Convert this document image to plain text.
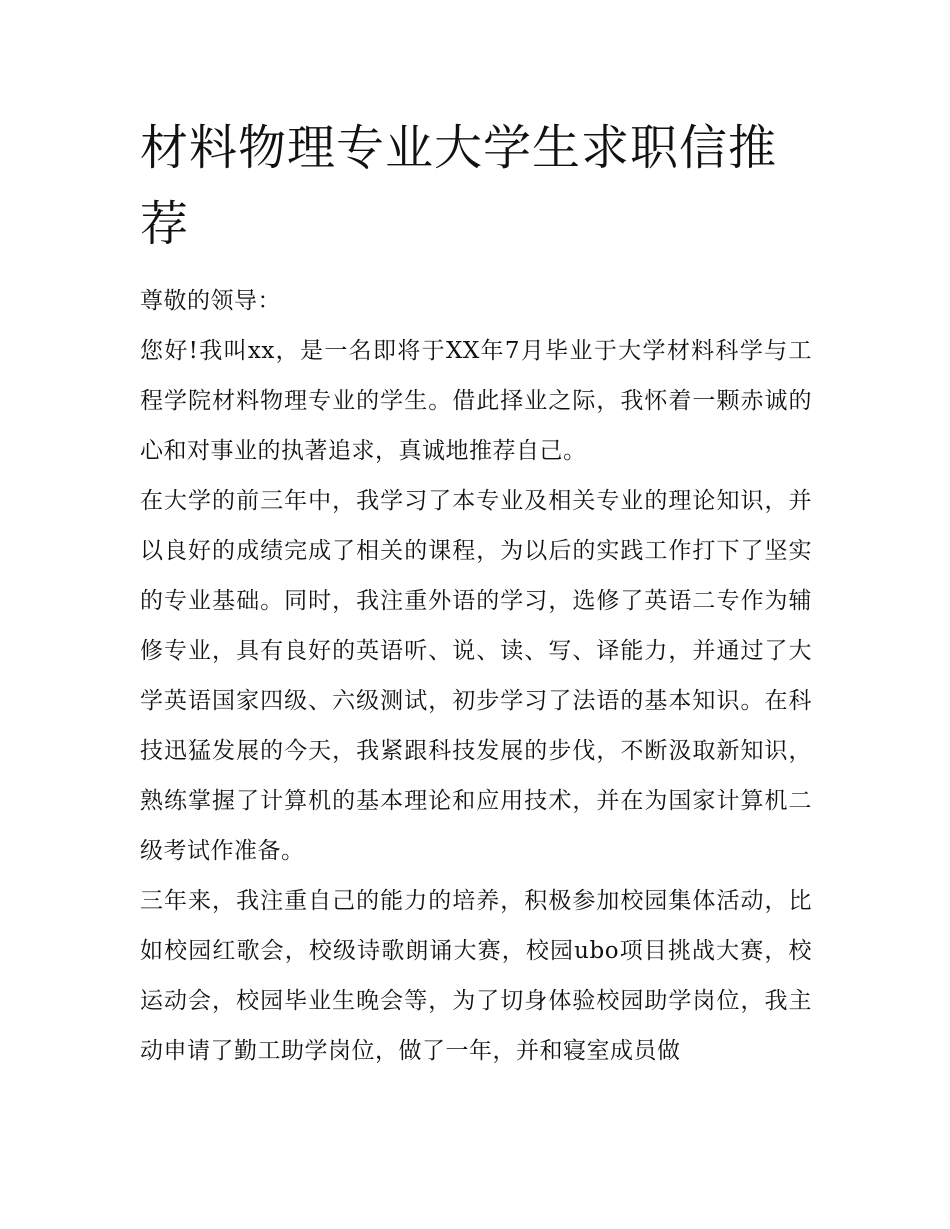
材料物理专业大学生求职信推荐

尊敬的领导：

您好!我叫xx，是一名即将于XX年7月毕业于大学材料科学与工程学院材料物理专业的学生。借此择业之际，我怀着一颗赤诚的心和对事业的执著追求，真诚地推荐自己。

在大学的前三年中，我学习了本专业及相关专业的理论知识，并以良好的成绩完成了相关的课程，为以后的实践工作打下了坚实的专业基础。同时，我注重外语的学习，选修了英语二专作为辅修专业，具有良好的英语听、说、读、写、译能力，并通过了大学英语国家四级、六级测试，初步学习了法语的基本知识。在科技迅猛发展的今天，我紧跟科技发展的步伐，不断汲取新知识，熟练掌握了计算机的基本理论和应用技术，并在为国家计算机二级考试作准备。

三年来，我注重自己的能力的培养，积极参加校园集体活动，比如校园红歌会，校级诗歌朗诵大赛，校园ubo项目挑战大赛，校运动会，校园毕业生晚会等，为了切身体验校园助学岗位，我主动申请了勤工助学岗位，做了一年，并和寝室成员做
